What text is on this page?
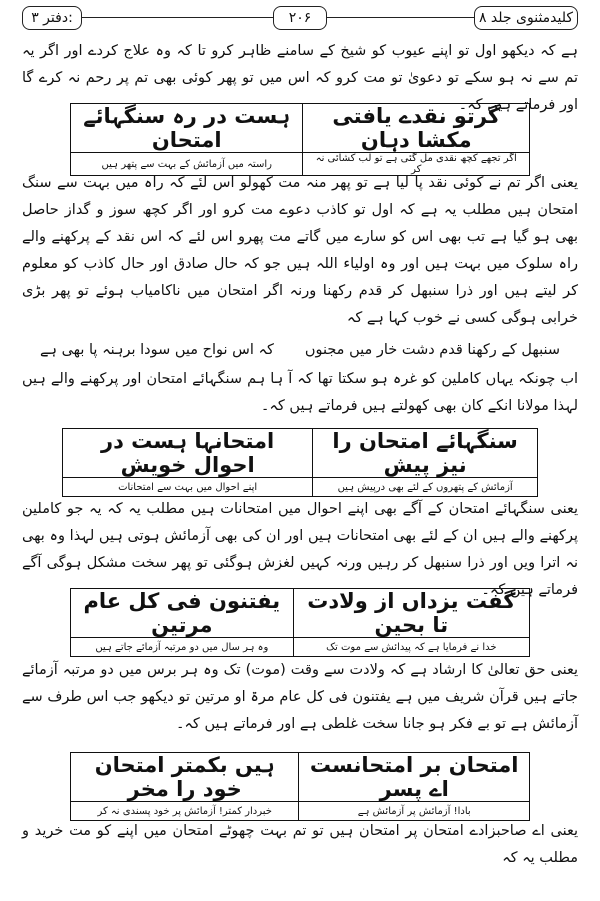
کلیدمثنوی جلد ۸
۲۰۶
دفتر ۳:

ہے کہ دیکھو اول تو اپنے عیوب کو شیخ کے سامنے ظاہر کرو تا کہ وہ علاج کردے اور اگر یہ تم سے نہ ہو سکے تو دعویٰ تو مت کرو کہ اس میں تو پھر کوئی بھی تم پر رحم نہ کرے گا اور فرماتے ہیں کہ۔

گرتو نقدے یافتی مکشا دہان	ہست در رہ سنگہائے امتحان
اگر تجھے کچھ نقدی مل گئی ہے تو لب کشائی نہ کر	راستہ میں آزمائش کے بہت سے پتھر ہیں

یعنی اگر تم نے کوئی نقد پا لیا ہے تو پھر منہ مت کھولو اس لئے کہ راہ میں بہت سے سنگ امتحان ہیں مطلب یہ ہے کہ اول تو کاذب دعوے مت کرو اور اگر کچھ سوز و گداز حاصل بھی ہو گیا ہے تب بھی اس کو سارے میں گاتے مت پھرو اس لئے کہ اس نقد کے پرکھنے والے راہ سلوک میں بہت ہیں اور وہ اولیاء اللہ ہیں جو کہ حال صادق اور حال کاذب کو معلوم کر لیتے ہیں اور ذرا سنبھل کر قدم رکھنا ورنہ اگر امتحان میں ناکامیاب ہوئے تو پھر بڑی خرابی ہوگی کسی نے خوب کہا ہے کہ

سنبھل کے رکھنا قدم دشت خار میں مجنوں
کہ اس نواح میں سودا برہنہ پا بھی ہے

اب چونکہ یہاں کاملین کو غرہ ہو سکتا تھا کہ آ ہا ہم سنگہائے امتحان اور پرکھنے والے ہیں لہذا مولانا انکے کان بھی کھولتے ہیں فرماتے ہیں کہ۔

سنگہائے امتحان را نیز پیش	امتحانہا ہست در احوال خویش
آزمائش کے پتھروں کے لئے بھی درپیش ہیں	اپنے احوال میں بہت سے امتحانات

یعنی سنگہائے امتحان کے آگے بھی اپنے احوال میں امتحانات ہیں مطلب یہ کہ یہ جو کاملین پرکھنے والے ہیں ان کے لئے بھی امتحانات ہیں اور ان کی بھی آزمائش ہوتی ہیں لہذا وہ بھی نہ اترا ویں اور ذرا سنبھل کر رہیں ورنہ کہیں لغزش ہوگئی تو پھر سخت مشکل ہوگی آگے فرماتے ہیں کہ۔

گفت یزداں از ولادت تا بحین	یفتنون فی کل عام مرتین
خدا نے فرمایا ہے کہ پیدائش سے موت تک	وہ ہر سال میں دو مرتبہ آزمائے جاتے ہیں

یعنی حق تعالیٰ کا ارشاد ہے کہ ولادت سے وقت (موت) تک وہ ہر برس میں دو مرتبہ آزمائے جاتے ہیں قرآن شریف میں ہے یفتنون فی کل عام مرۃ او مرتین تو دیکھو جب اس طرف سے آزمائش ہے تو بے فکر ہو جانا سخت غلطی ہے اور فرماتے ہیں کہ۔

امتحان بر امتحانست اے پسر	ہیں بکمتر امتحان خود را مخر
بادا! آزمائش پر آزمائش ہے	خبردار کمتر! آزمائش پر خود پسندی نہ کر

یعنی اے صاحبزادے امتحان پر امتحان ہیں تو تم بہت چھوٹے امتحان میں اپنے کو مت خرید و مطلب یہ کہ
